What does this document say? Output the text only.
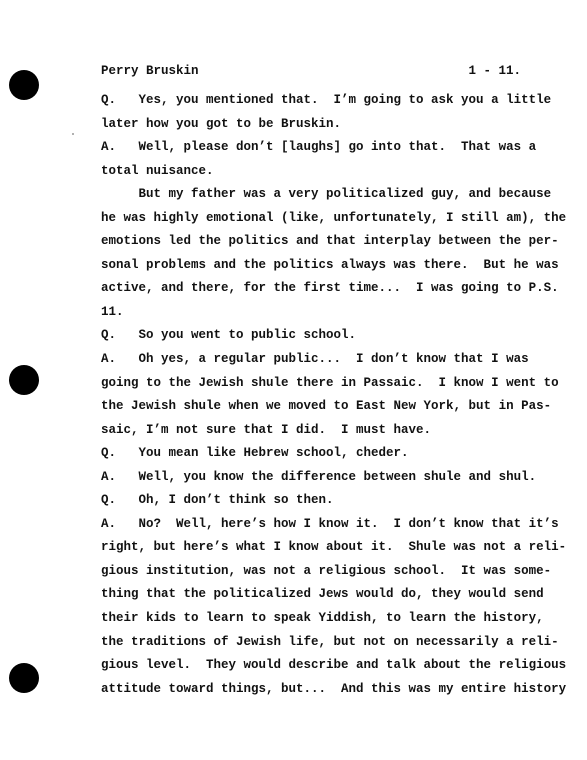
Perry Bruskin	1 - 11.
Q.   Yes, you mentioned that.  I’m going to ask you a little
later how you got to be Bruskin.
A.   Well, please don’t [laughs] go into that.  That was a
total nuisance.
But my father was a very politicalized guy, and because
he was highly emotional (like, unfortunately, I still am), the
emotions led the politics and that interplay between the per-
sonal problems and the politics always was there.  But he was
active, and there, for the first time...  I was going to P.S.
11.
Q.   So you went to public school.
A.   Oh yes, a regular public...  I don’t know that I was
going to the Jewish shule there in Passaic.  I know I went to
the Jewish shule when we moved to East New York, but in Pas-
saic, I’m not sure that I did.  I must have.
Q.   You mean like Hebrew school, cheder.
A.   Well, you know the difference between shule and shul.
Q.   Oh, I don’t think so then.
A.   No?  Well, here’s how I know it.  I don’t know that it’s
right, but here’s what I know about it.  Shule was not a reli-
gious institution, was not a religious school.  It was some-
thing that the politicalized Jews would do, they would send
their kids to learn to speak Yiddish, to learn the history,
the traditions of Jewish life, but not on necessarily a reli-
gious level.  They would describe and talk about the religious
attitude toward things, but...  And this was my entire history
